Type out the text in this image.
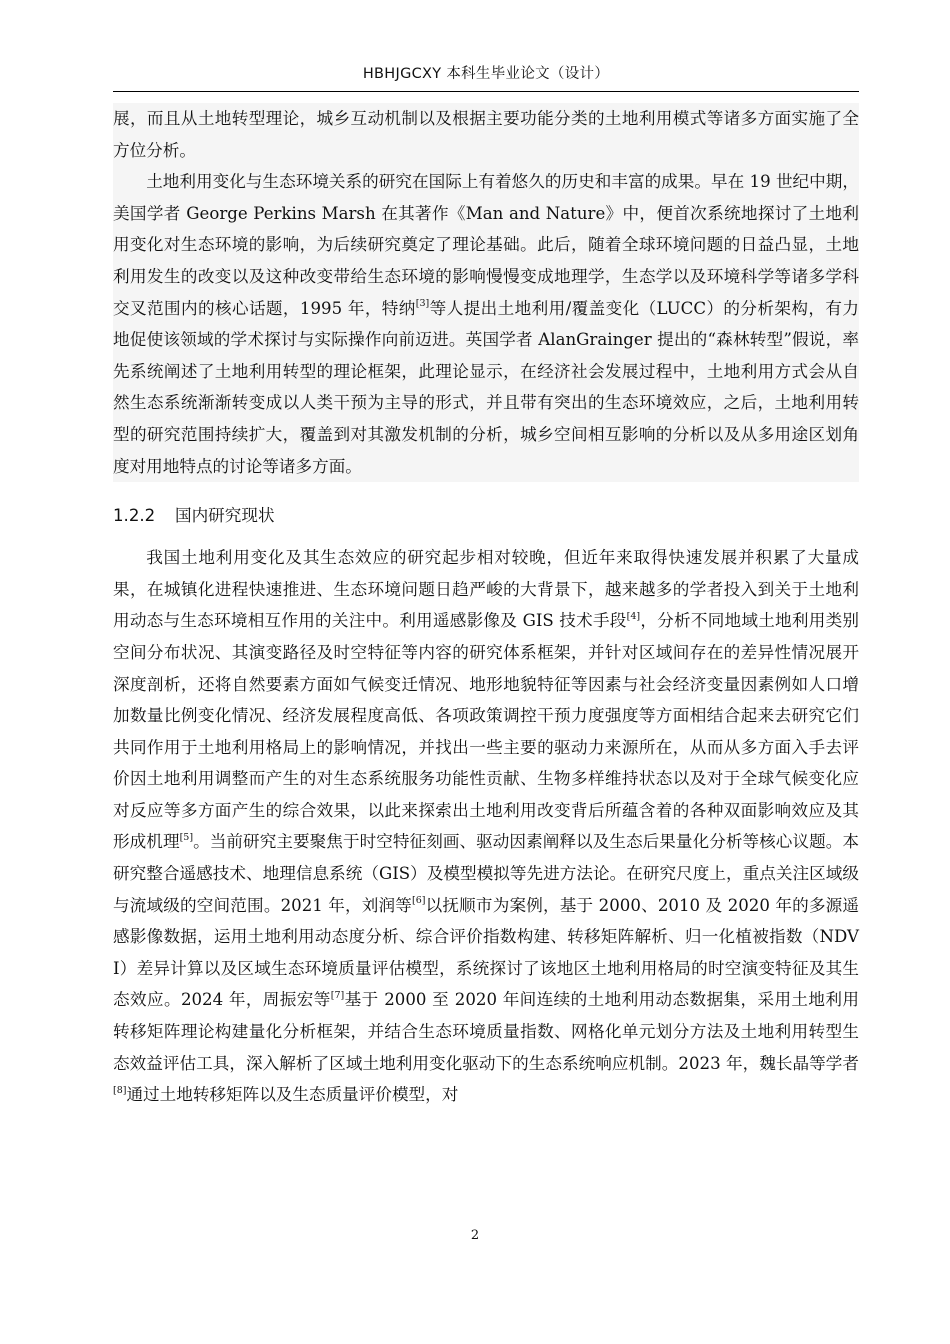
HBHJGCXY 本科生毕业论文（设计）

展，而且从土地转型理论，城乡互动机制以及根据主要功能分类的土地利用模式等诸多方面实施了全方位分析。

土地利用变化与生态环境关系的研究在国际上有着悠久的历史和丰富的成果。早在 19 世纪中期，美国学者 George Perkins Marsh 在其著作《Man and Nature》中，便首次系统地探讨了土地利用变化对生态环境的影响，为后续研究奠定了理论基础。此后，随着全球环境问题的日益凸显，土地利用发生的改变以及这种改变带给生态环境的影响慢慢变成地理学，生态学以及环境科学等诸多学科交叉范围内的核心话题，1995 年，特纳[3]等人提出土地利用/覆盖变化（LUCC）的分析架构，有力地促使该领域的学术探讨与实际操作向前迈进。英国学者 AlanGrainger 提出的“森林转型”假说，率先系统阐述了土地利用转型的理论框架，此理论显示，在经济社会发展过程中，土地利用方式会从自然生态系统渐渐转变成以人类干预为主导的形式，并且带有突出的生态环境效应，之后，土地利用转型的研究范围持续扩大，覆盖到对其激发机制的分析，城乡空间相互影响的分析以及从多用途区划角度对用地特点的讨论等诸多方面。

1.2.2 国内研究现状

我国土地利用变化及其生态效应的研究起步相对较晚，但近年来取得快速发展并积累了大量成果，在城镇化进程快速推进、生态环境问题日趋严峻的大背景下，越来越多的学者投入到关于土地利用动态与生态环境相互作用的关注中。利用遥感影像及 GIS 技术手段[4]，分析不同地域土地利用类别空间分布状况、其演变路径及时空特征等内容的研究体系框架，并针对区域间存在的差异性情况展开深度剖析，还将自然要素方面如气候变迁情况、地形地貌特征等因素与社会经济变量因素例如人口增加数量比例变化情况、经济发展程度高低、各项政策调控干预力度强度等方面相结合起来去研究它们共同作用于土地利用格局上的影响情况，并找出一些主要的驱动力来源所在，从而从多方面入手去评价因土地利用调整而产生的对生态系统服务功能性贡献、生物多样维持状态以及对于全球气候变化应对反应等多方面产生的综合效果，以此来探索出土地利用改变背后所蕴含着的各种双面影响效应及其形成机理[5]。当前研究主要聚焦于时空特征刻画、驱动因素阐释以及生态后果量化分析等核心议题。本研究整合遥感技术、地理信息系统（GIS）及模型模拟等先进方法论。在研究尺度上，重点关注区域级与流域级的空间范围。2021 年，刘润等[6]以抚顺市为案例，基于 2000、2010 及 2020 年的多源遥感影像数据，运用土地利用动态度分析、综合评价指数构建、转移矩阵解析、归一化植被指数（NDVI）差异计算以及区域生态环境质量评估模型，系统探讨了该地区土地利用格局的时空演变特征及其生态效应。2024 年，周振宏等[7]基于 2000 至 2020 年间连续的土地利用动态数据集，采用土地利用转移矩阵理论构建量化分析框架，并结合生态环境质量指数、网格化单元划分方法及土地利用转型生态效益评估工具，深入解析了区域土地利用变化驱动下的生态系统响应机制。2023 年，魏长晶等学者[8]通过土地转移矩阵以及生态质量评价模型，对

2
